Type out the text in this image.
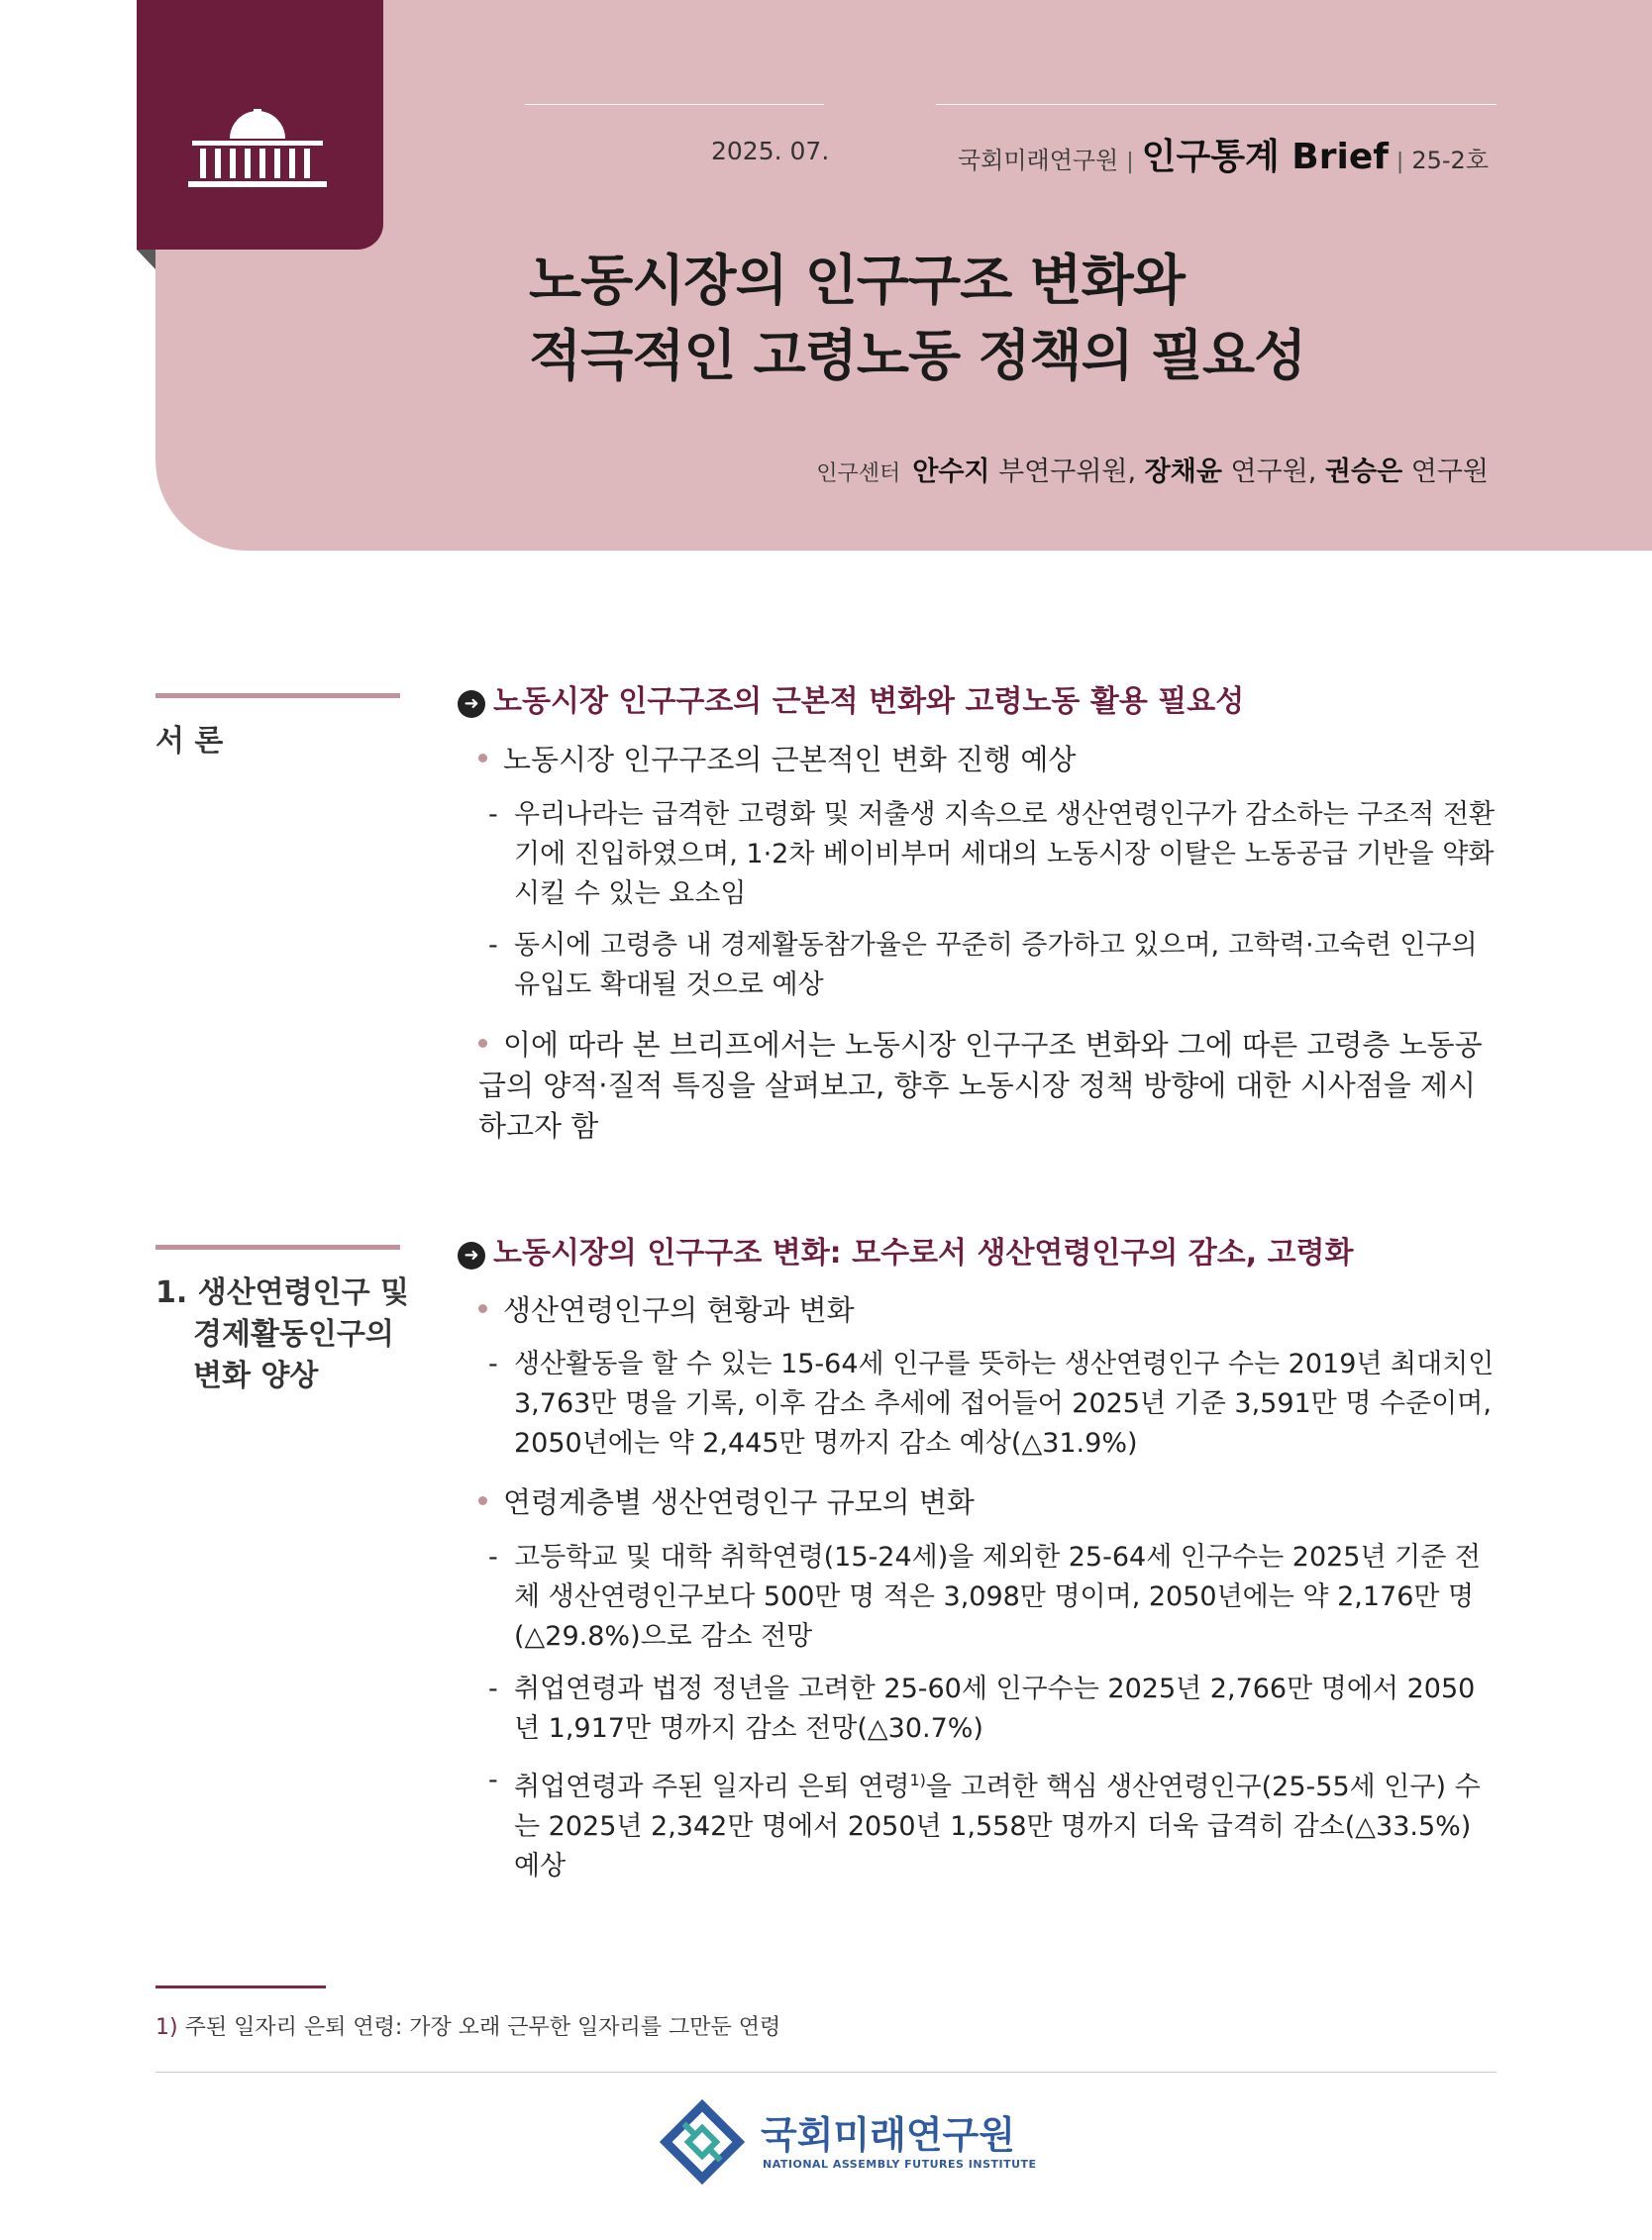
2025. 07.	국회미래연구원 | 인구통계 Brief | 25-2호
노동시장의 인구구조 변화와
적극적인 고령노동 정책의 필요성
인구센터 안수지 부연구위원, 장채윤 연구원, 권승은 연구원

서 론

➜ 노동시장 인구구조의 근본적 변화와 고령노동 활용 필요성

노동시장 인구구조의 근본적인 변화 진행 예상

- 우리나라는 급격한 고령화 및 저출생 지속으로 생산연령인구가 감소하는 구조적 전환기에 진입하였으며, 1·2차 베이비부머 세대의 노동시장 이탈은 노동공급 기반을 약화시킬 수 있는 요소임
- 동시에 고령층 내 경제활동참가율은 꾸준히 증가하고 있으며, 고학력·고숙련 인구의 유입도 확대될 것으로 예상

이에 따라 본 브리프에서는 노동시장 인구구조 변화와 그에 따른 고령층 노동공급의 양적·질적 특징을 살펴보고, 향후 노동시장 정책 방향에 대한 시사점을 제시하고자 함

1. 생산연령인구 및
경제활동인구의
변화 양상

➜ 노동시장의 인구구조 변화: 모수로서 생산연령인구의 감소, 고령화

생산연령인구의 현황과 변화

- 생산활동을 할 수 있는 15-64세 인구를 뜻하는 생산연령인구 수는 2019년 최대치인 3,763만 명을 기록, 이후 감소 추세에 접어들어 2025년 기준 3,591만 명 수준이며, 2050년에는 약 2,445만 명까지 감소 예상(△31.9%)

연령계층별 생산연령인구 규모의 변화

- 고등학교 및 대학 취학연령(15-24세)을 제외한 25-64세 인구수는 2025년 기준 전체 생산연령인구보다 500만 명 적은 3,098만 명이며, 2050년에는 약 2,176만 명(△29.8%)으로 감소 전망
- 취업연령과 법정 정년을 고려한 25-60세 인구수는 2025년 2,766만 명에서 2050년 1,917만 명까지 감소 전망(△30.7%)
- 취업연령과 주된 일자리 은퇴 연령$^{1)}$을 고려한 핵심 생산연령인구(25-55세 인구) 수는 2025년 2,342만 명에서 2050년 1,558만 명까지 더욱 급격히 감소(△33.5%) 예상

1) 주된 일자리 은퇴 연령: 가장 오래 근무한 일자리를 그만둔 연령

국회미래연구원

NATIONAL ASSEMBLY FUTURES INSTITUTE
